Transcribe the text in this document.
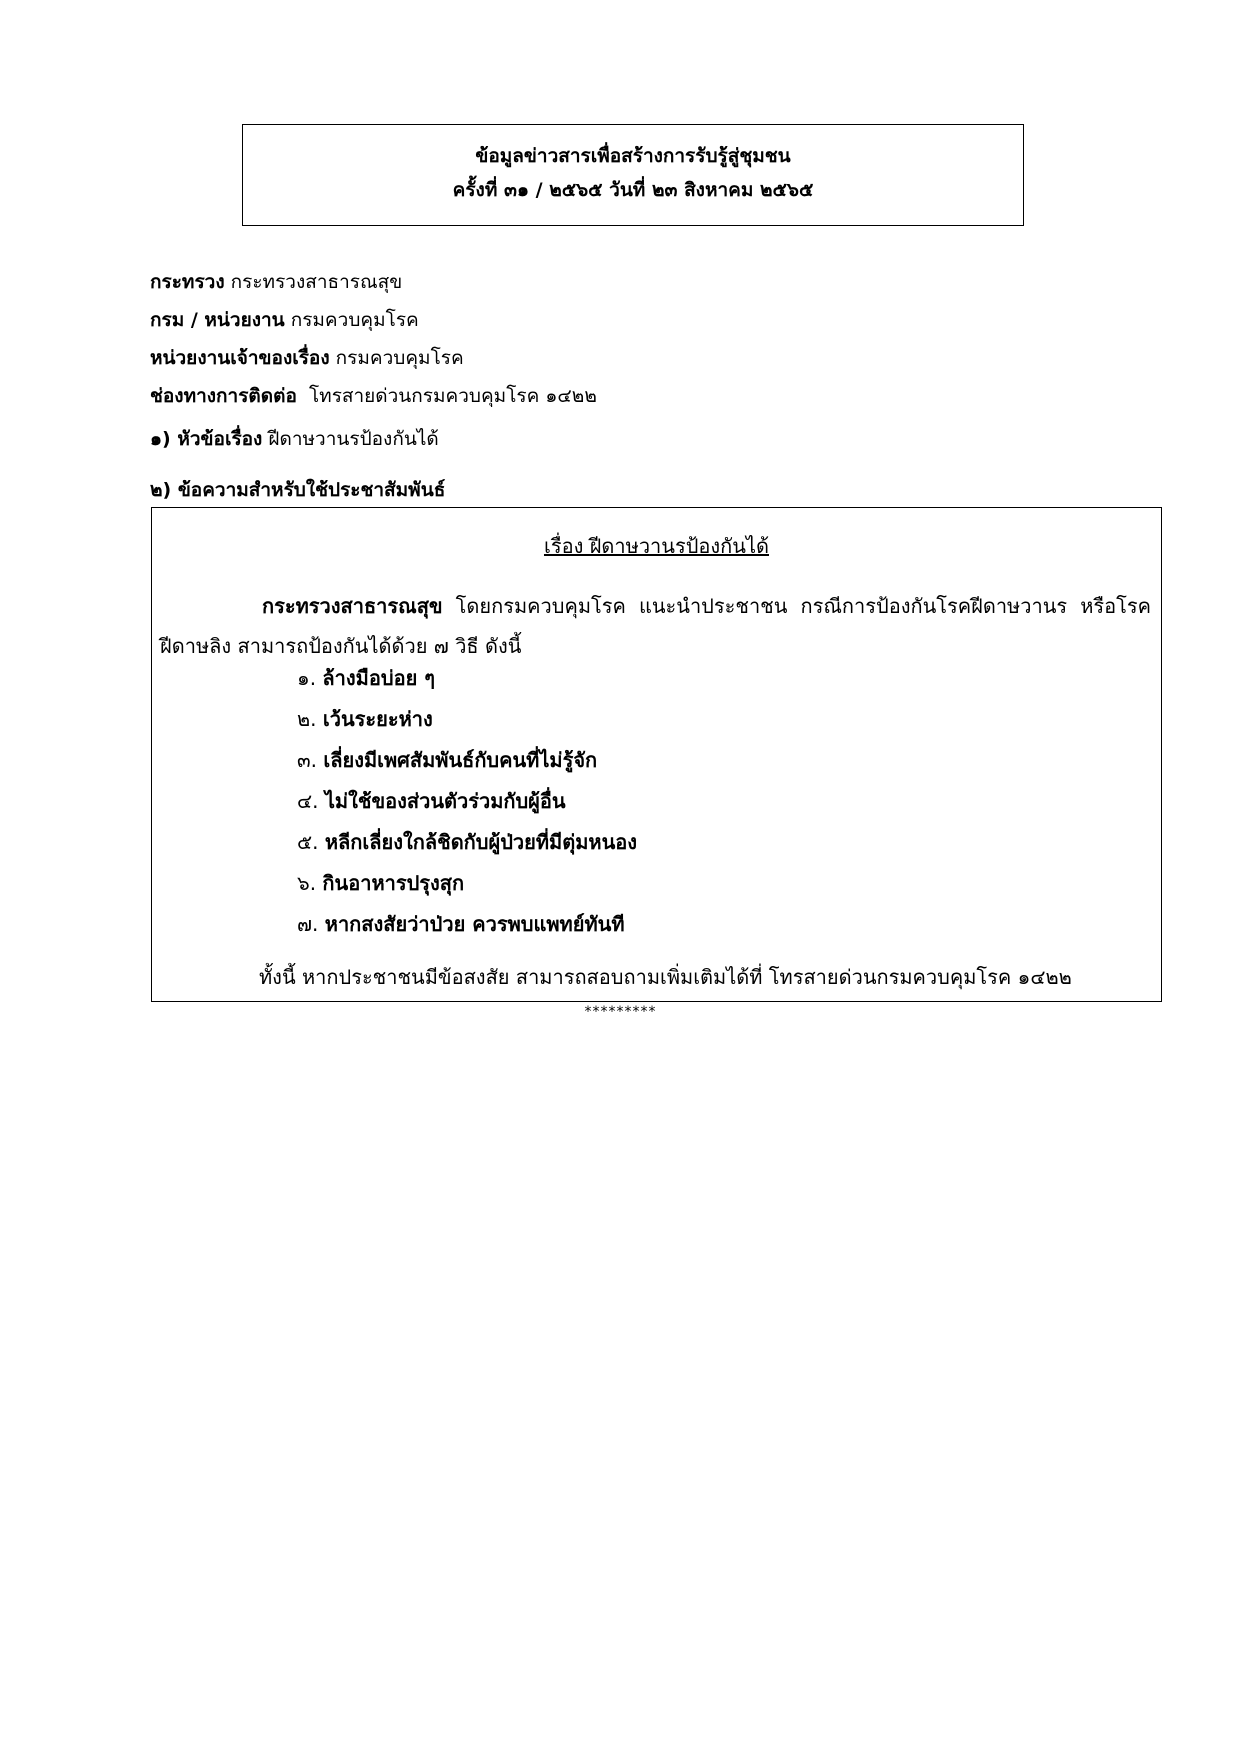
ข้อมูลข่าวสารเพื่อสร้างการรับรู้สู่ชุมชน
ครั้งที่ ๓๑ / ๒๕๖๕ วันที่ ๒๓ สิงหาคม ๒๕๖๕
กระทรวง กระทรวงสาธารณสุข
กรม / หน่วยงาน กรมควบคุมโรค
หน่วยงานเจ้าของเรื่อง กรมควบคุมโรค
ช่องทางการติดต่อ โทรสายด่วนกรมควบคุมโรค ๑๔๒๒
๑) หัวข้อเรื่อง ฝีดาษวานรป้องกันได้
๒) ข้อความสำหรับใช้ประชาสัมพันธ์
เรื่อง ฝีดาษวานรป้องกันได้
กระทรวงสาธารณสุข โดยกรมควบคุมโรค แนะนำประชาชน กรณีการป้องกันโรคฝีดาษวานร หรือโรคฝีดาษลิง สามารถป้องกันได้ด้วย ๗ วิธี ดังนี้
๑. ล้างมือบ่อย ๆ
๒. เว้นระยะห่าง
๓. เลี่ยงมีเพศสัมพันธ์กับคนที่ไม่รู้จัก
๔. ไม่ใช้ของส่วนตัวร่วมกับผู้อื่น
๕. หลีกเลี่ยงใกล้ชิดกับผู้ป่วยที่มีตุ่มหนอง
๖. กินอาหารปรุงสุก
๗. หากสงสัยว่าป่วย ควรพบแพทย์ทันที
ทั้งนี้ หากประชาชนมีข้อสงสัย สามารถสอบถามเพิ่มเติมได้ที่ โทรสายด่วนกรมควบคุมโรค ๑๔๒๒
*********
